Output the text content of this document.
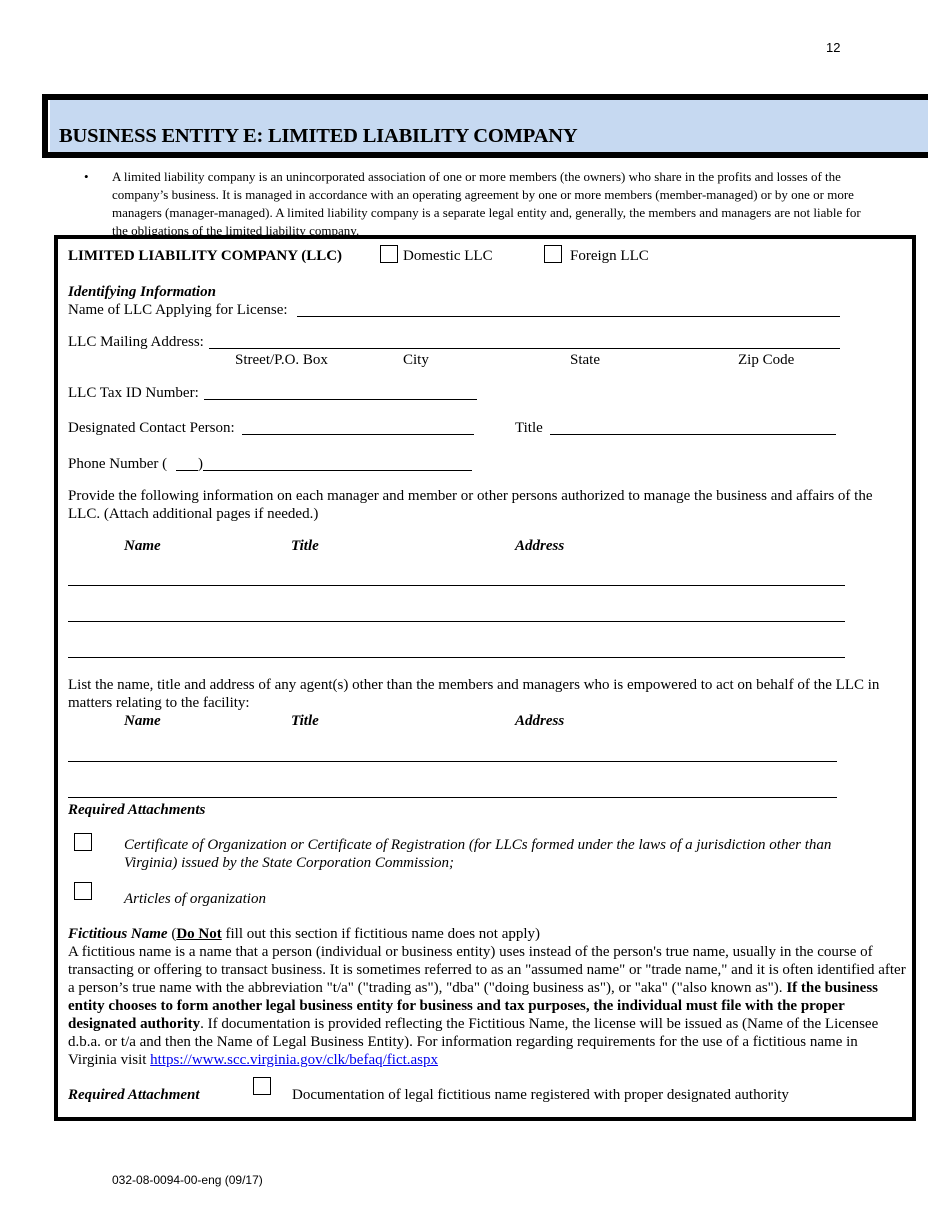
12
BUSINESS ENTITY E: LIMITED LIABILITY COMPANY
• A limited liability company is an unincorporated association of one or more members (the owners) who share in the profits and losses of the company’s business. It is managed in accordance with an operating agreement by one or more members (member-managed) or by one or more managers (manager-managed). A limited liability company is a separate legal entity and, generally, the members and managers are not liable for the obligations of the limited liability company.
LIMITED LIABILITY COMPANY (LLC)	Domestic LLC	Foreign LLC
Identifying Information
Name of LLC Applying for License:
LLC Mailing Address:
Street/P.O. Box	City	State	Zip Code
LLC Tax ID Number:
Designated Contact Person:	Title
Phone Number ( )
Provide the following information on each manager and member or other persons authorized to manage the business and affairs of the LLC. (Attach additional pages if needed.)
Name	Title	Address
List the name, title and address of any agent(s) other than the members and managers who is empowered to act on behalf of the LLC in matters relating to the facility:
Name	Title	Address
Required Attachments
Certificate of Organization or Certificate of Registration (for LLCs formed under the laws of a jurisdiction other than Virginia) issued by the State Corporation Commission;
Articles of organization
Fictitious Name (Do Not fill out this section if fictitious name does not apply)
A fictitious name is a name that a person (individual or business entity) uses instead of the person's true name, usually in the course of transacting or offering to transact business. It is sometimes referred to as an "assumed name" or "trade name," and it is often identified after a person’s true name with the abbreviation "t/a" ("trading as"), "dba" ("doing business as"), or "aka" ("also known as"). If the business entity chooses to form another legal business entity for business and tax purposes, the individual must file with the proper designated authority. If documentation is provided reflecting the Fictitious Name, the license will be issued as (Name of the Licensee d.b.a. or t/a and then the Name of Legal Business Entity). For information regarding requirements for the use of a fictitious name in Virginia visit https://www.scc.virginia.gov/clk/befaq/fict.aspx
Required Attachment	Documentation of legal fictitious name registered with proper designated authority
032-08-0094-00-eng (09/17)
